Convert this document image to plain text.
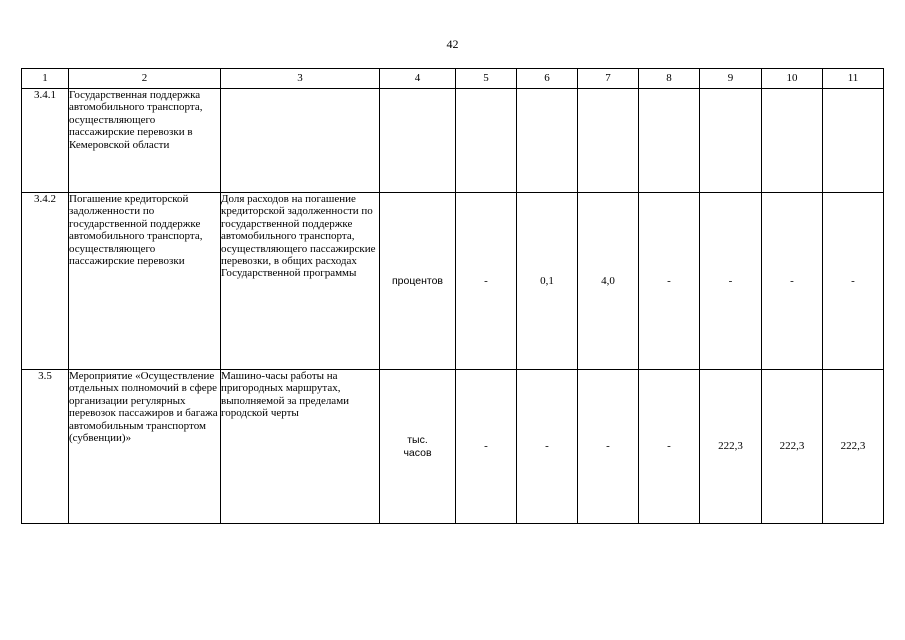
42
1	2	3	4	5	6	7	8	9	10	11
3.4.1	Государственная поддержка автомобильного транспорта, осуществляющего пассажирские перевозки в Кемеровской области									
3.4.2	Погашение кредиторской задолженности по государственной поддержке автомобильного транспорта, осуществляющего пассажирские перевозки	Доля расходов на погашение кредиторской задолженности по государственной поддержке автомобильного транспорта, осуществляющего пассажирские перевозки, в общих расходах Государственной программы	процентов	-	0,1	4,0	-	-	-	-
3.5	Мероприятие «Осуществление отдельных полномочий в сфере организации регулярных перевозок пассажиров и багажа автомобильным транспортом (субвенции)»	Машино-часы работы на пригородных маршрутах, выполняемой за пределами городской черты	тыс.
часов	-	-	-	-	222,3	222,3	222,3
